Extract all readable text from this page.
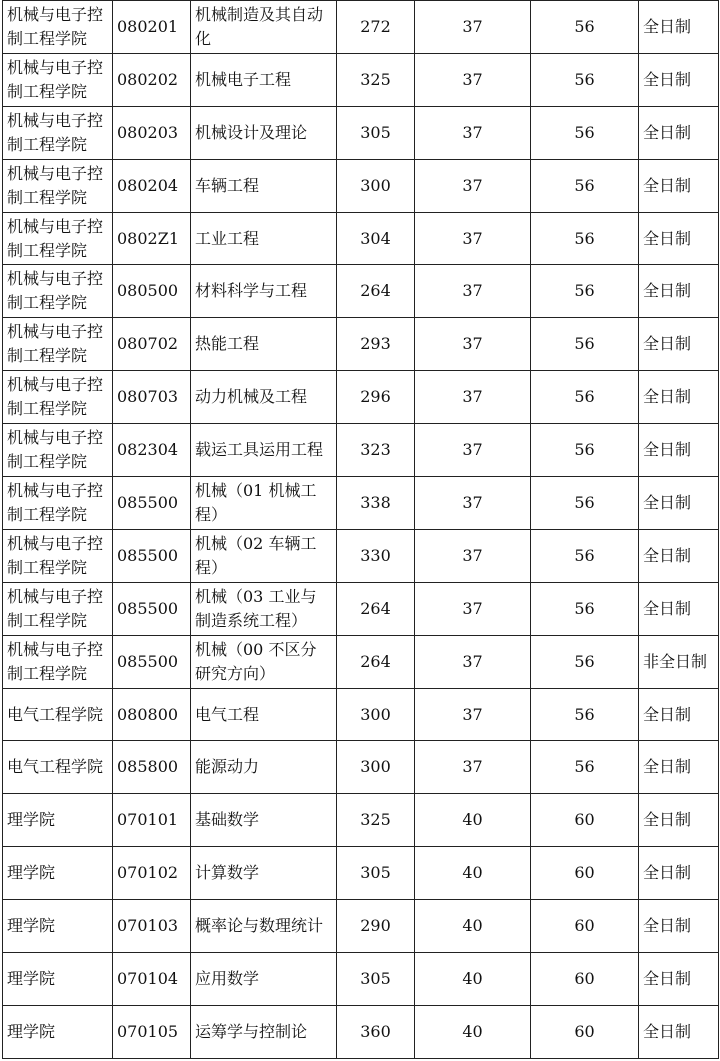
机械与电子控制工程学院	080201	机械制造及其自动化	272	37	56	全日制
机械与电子控制工程学院	080202	机械电子工程	325	37	56	全日制
机械与电子控制工程学院	080203	机械设计及理论	305	37	56	全日制
机械与电子控制工程学院	080204	车辆工程	300	37	56	全日制
机械与电子控制工程学院	0802Z1	工业工程	304	37	56	全日制
机械与电子控制工程学院	080500	材料科学与工程	264	37	56	全日制
机械与电子控制工程学院	080702	热能工程	293	37	56	全日制
机械与电子控制工程学院	080703	动力机械及工程	296	37	56	全日制
机械与电子控制工程学院	082304	载运工具运用工程	323	37	56	全日制
机械与电子控制工程学院	085500	机械（01 机械工程）	338	37	56	全日制
机械与电子控制工程学院	085500	机械（02 车辆工程）	330	37	56	全日制
机械与电子控制工程学院	085500	机械（03 工业与制造系统工程）	264	37	56	全日制
机械与电子控制工程学院	085500	机械（00 不区分研究方向）	264	37	56	非全日制
电气工程学院	080800	电气工程	300	37	56	全日制
电气工程学院	085800	能源动力	300	37	56	全日制
理学院	070101	基础数学	325	40	60	全日制
理学院	070102	计算数学	305	40	60	全日制
理学院	070103	概率论与数理统计	290	40	60	全日制
理学院	070104	应用数学	305	40	60	全日制
理学院	070105	运筹学与控制论	360	40	60	全日制
